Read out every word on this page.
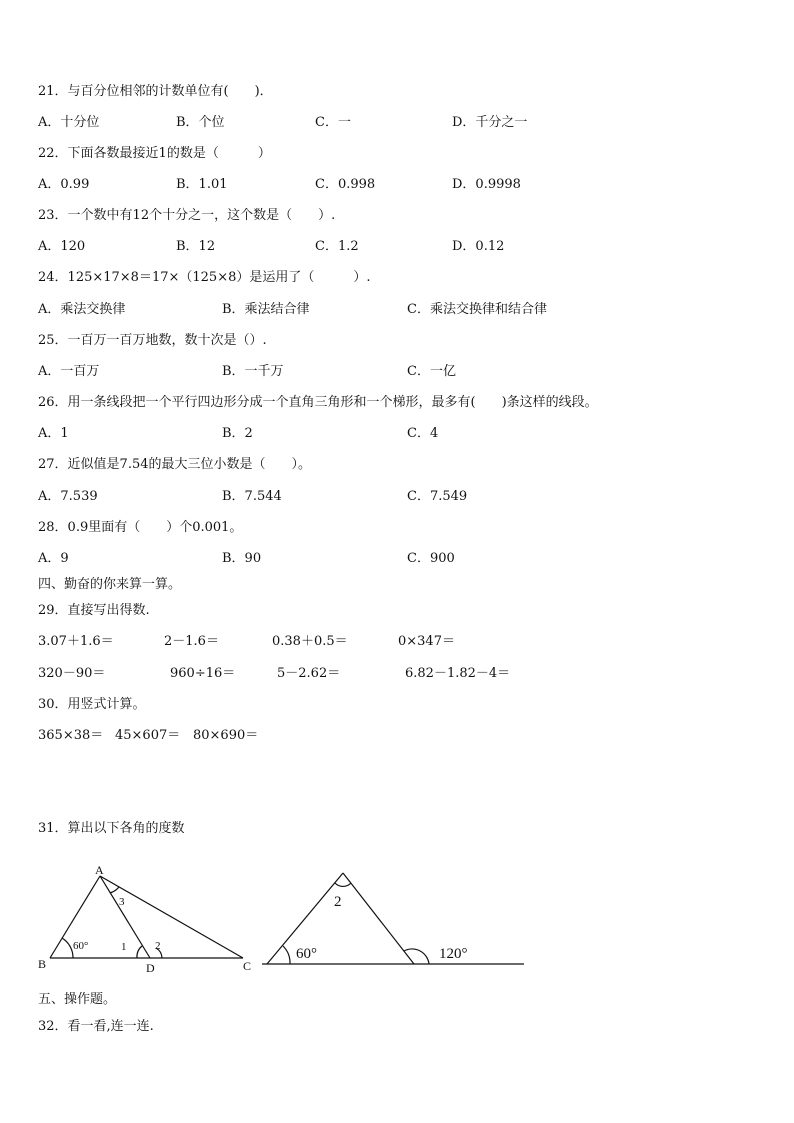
21．与百分位相邻的计数单位有(　　)．
A．十分位	B．个位	C．一	D．千分之一
22．下面各数最接近1的数是（　　　）
A．0.99	B．1.01	C．0.998	D．0.9998
23．一个数中有12个十分之一，这个数是（　　）.
A．120	B．12	C．1.2	D．0.12
24．125×17×8＝17×（125×8）是运用了（　　　）.
A．乘法交换律	B．乘法结合律	C．乘法交换律和结合律
25．一百万一百万地数，数十次是（）.
A．一百万	B．一千万	C．一亿
26．用一条线段把一个平行四边形分成一个直角三角形和一个梯形，最多有(　　)条这样的线段。
A．1	B．2	C．4
27．近似值是7.54的最大三位小数是（　　）。
A．7.539	B．7.544	C．7.549
28．0.9里面有（　　）个0.001。
A．9	B．90	C．900
四、勤奋的你来算一算。
29．直接写出得数.
3.07＋1.6＝	2－1.6＝	0.38＋0.5＝	0×347＝
320－90＝	960÷16＝	5－2.62＝	6.82－1.82－4＝
30．用竖式计算。
365×38＝ 45×607＝ 80×690＝
31．算出以下各角的度数
A
B	C
D
60°	1	2
3	2
60°	120°
五、操作题。
32．看一看,连一连.
